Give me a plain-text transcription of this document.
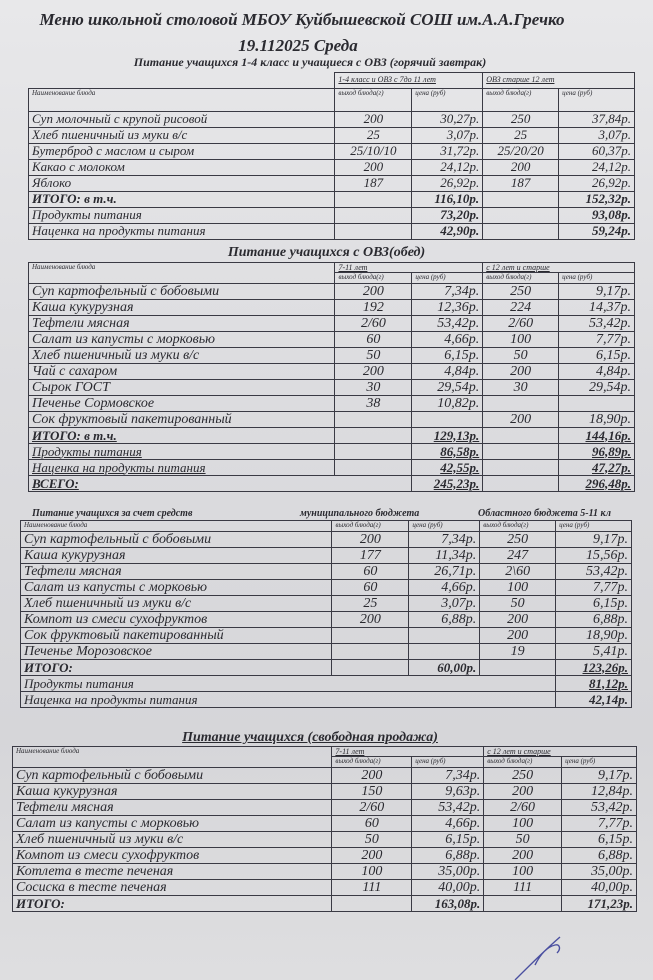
Меню школьной столовой МБОУ Куйбышевской СОШ им.А.А.Гречко
19.112025 Среда
Питание учащихся 1-4 класс и учащиеся с ОВЗ (горячий завтрак)
	1-4 класс и ОВЗ с 7до 11 лет		ОВЗ старше 12 лет	
Наименование блюда	выход блюда(г)	цена (руб)	выход блюда(г)	цена (руб)
Суп молочный с крупой рисовой	200	30,27р.	250	37,84р.
Хлеб пшеничный из муки в/с	25	3,07р.	25	3,07р.
Бутерброд с маслом и сыром	25/10/10	31,72р.	25/20/20	60,37р.
Какао с молоком	200	24,12р.	200	24,12р.
Яблоко	187	26,92р.	187	26,92р.
ИТОГО: в т.ч.		116,10р.		152,32р.
Продукты питания		73,20р.		93,08р.
Наценка на продукты питания		42,90р.		59,24р.
Питание учащихся с ОВЗ(обед)
Наименование блюда	7-11 лет		с 12 лет и старше	
	выход блюда(г)	цена (руб)	выход блюда(г)	цена (руб)
Суп картофельный с бобовыми	200	7,34р.	250	9,17р.
Каша кукурузная	192	12,36р.	224	14,37р.
Тефтели мясная	2/60	53,42р.	2/60	53,42р.
Салат из капусты с морковью	60	4,66р.	100	7,77р.
Хлеб пшеничный из муки в/с	50	6,15р.	50	6,15р.
Чай с сахаром	200	4,84р.	200	4,84р.
Сырок ГОСТ	30	29,54р.	30	29,54р.
Печенье Сормовское	38	10,82р.		
Сок фруктовый пакетированный			200	18,90р.
ИТОГО: в т.ч.		129,13р.		144,16р.
Продукты питания		86,58р.		96,89р.
Наценка на продукты питания		42,55р.		47,27р.
ВСЕГО:		245,23р.		296,48р.
Питание учащихся за счет средств	муниципального бюджета	Областного бюджета 5-11 кл
Наименование блюда	выход блюда(г)	цена (руб)	выход блюда(г)	цена (руб)
Суп картофельный с бобовыми	200	7,34р.	250	9,17р.
Каша кукурузная	177	11,34р.	247	15,56р.
Тефтели мясная	60	26,71р.	2\60	53,42р.
Салат из капусты с морковью	60	4,66р.	100	7,77р.
Хлеб пшеничный из муки в/с	25	3,07р.	50	6,15р.
Компот из смеси сухофруктов	200	6,88р.	200	6,88р.
Сок фруктовый пакетированный			200	18,90р.
Печенье Морозовское			19	5,41р.
ИТОГО:		60,00р.		123,26р.
Продукты питания				81,12р.
Наценка на продукты питания				42,14р.
Питание учащихся (свободная продажа)
Наименование блюда	7-11 лет		с 12 лет и старше	
	выход блюда(г)	цена (руб)	выход блюда(г)	цена (руб)
Суп картофельный с бобовыми	200	7,34р.	250	9,17р.
Каша кукурузная	150	9,63р.	200	12,84р.
Тефтели мясная	2/60	53,42р.	2/60	53,42р.
Салат из капусты с морковью	60	4,66р.	100	7,77р.
Хлеб пшеничный из муки в/с	50	6,15р.	50	6,15р.
Компот из смеси сухофруктов	200	6,88р.	200	6,88р.
Котлета в тесте печеная	100	35,00р.	100	35,00р.
Сосиска в тесте печеная	111	40,00р.	111	40,00р.
ИТОГО:		163,08р.		171,23р.
